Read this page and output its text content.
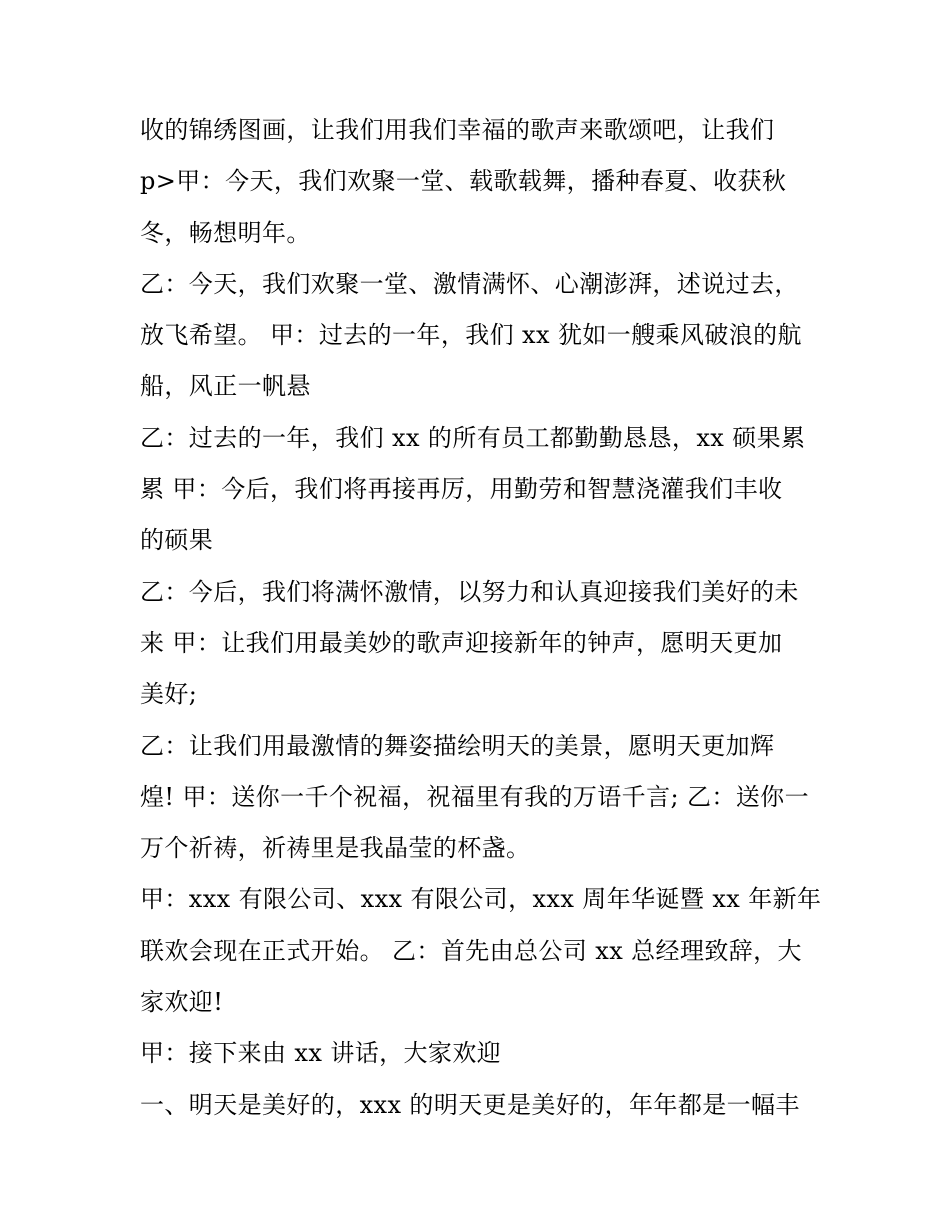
收的锦绣图画，让我们用我们幸福的歌声来歌颂吧，让我们
p>甲：今天，我们欢聚一堂、载歌载舞，播种春夏、收获秋
冬，畅想明年。
乙：今天，我们欢聚一堂、激情满怀、心潮澎湃，述说过去，
放飞希望。 甲：过去的一年，我们 xx 犹如一艘乘风破浪的航
船，风正一帆悬
乙：过去的一年，我们 xx 的所有员工都勤勤恳恳，xx 硕果累
累 甲：今后，我们将再接再厉，用勤劳和智慧浇灌我们丰收
的硕果
乙：今后，我们将满怀激情，以努力和认真迎接我们美好的未
来 甲：让我们用最美妙的歌声迎接新年的钟声，愿明天更加
美好;
乙：让我们用最激情的舞姿描绘明天的美景，愿明天更加辉
煌! 甲：送你一千个祝福，祝福里有我的万语千言; 乙：送你一
万个祈祷，祈祷里是我晶莹的杯盏。
甲：xxx 有限公司、xxx 有限公司，xxx 周年华诞暨 xx 年新年
联欢会现在正式开始。 乙：首先由总公司 xx 总经理致辞，大
家欢迎!
甲：接下来由 xx 讲话，大家欢迎
一、明天是美好的，xxx 的明天更是美好的，年年都是一幅丰
